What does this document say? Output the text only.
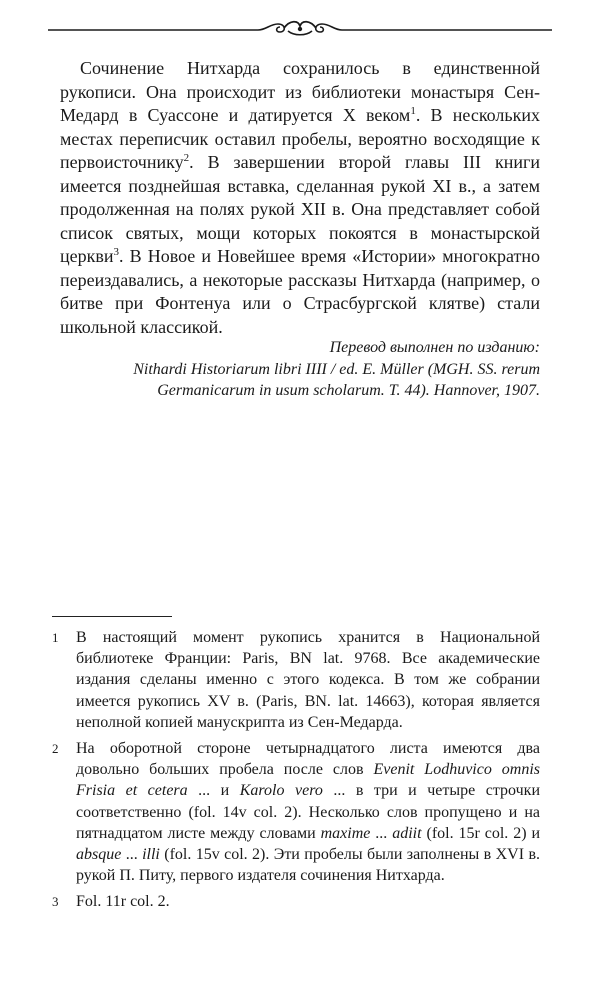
Сочинение Нитхарда сохранилось в единственной рукописи. Она происходит из библиотеки монастыря Сен-Медард в Суассоне и датируется X веком$^1$. В нескольких местах переписчик оставил пробелы, вероятно восходящие к первоисточнику$^2$. В завершении второй главы III книги имеется позднейшая вставка, сделанная рукой XI в., а затем продолженная на полях рукой XII в. Она представляет собой список святых, мощи которых покоятся в монастырской церкви$^3$. В Новое и Новейшее время «Истории» многократно переиздавались, а некоторые рассказы Нитхарда (например, о битве при Фонтенуа или о Страсбургской клятве) стали школьной классикой.

Перевод выполнен по изданию:
Nithardi Historiarum libri IIII / ed. E. Müller (MGH. SS. rerum
Germanicarum in usum scholarum. T. 44). Hannover, 1907.
1 В настоящий момент рукопись хранится в Национальной библиотеке Франции: Paris, BN lat. 9768. Все академические издания сделаны именно с этого кодекса. В том же собрании имеется рукопись XV в. (Paris, BN. lat. 14663), которая является неполной копией манускрипта из Сен-Медарда.
2 На оборотной стороне четырнадцатого листа имеются два довольно больших пробела после слов Evenit Lodhuvico omnis Frisia et cetera ... и Karolo vero ... в три и четыре строчки соответственно (fol. 14v col. 2). Несколько слов пропущено и на пятнадцатом листе между словами maxime ... adiit (fol. 15r col. 2) и absque ... illi (fol. 15v col. 2). Эти пробелы были заполнены в XVI в. рукой П. Питу, первого издателя сочинения Нитхарда.
3 Fol. 11r col. 2.
